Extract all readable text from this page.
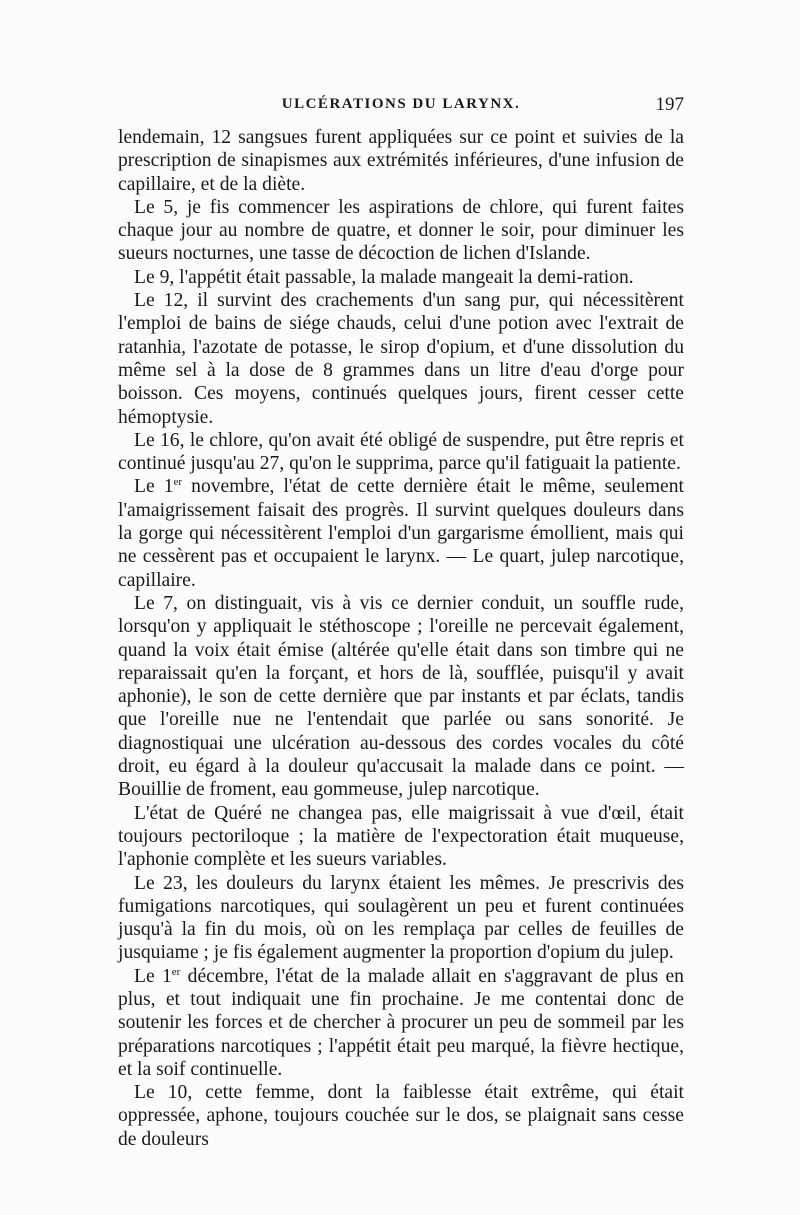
ULCÉRATIONS DU LARYNX.	197

lendemain, 12 sangsues furent appliquées sur ce point et suivies de la prescription de sinapismes aux extrémités inférieures, d'une infusion de capillaire, et de la diète.

Le 5, je fis commencer les aspirations de chlore, qui furent faites chaque jour au nombre de quatre, et donner le soir, pour diminuer les sueurs nocturnes, une tasse de décoction de lichen d'Islande.

Le 9, l'appétit était passable, la malade mangeait la demi-ration.

Le 12, il survint des crachements d'un sang pur, qui nécessitèrent l'emploi de bains de siége chauds, celui d'une potion avec l'extrait de ratanhia, l'azotate de potasse, le sirop d'opium, et d'une dissolution du même sel à la dose de 8 grammes dans un litre d'eau d'orge pour boisson. Ces moyens, continués quelques jours, firent cesser cette hémoptysie.

Le 16, le chlore, qu'on avait été obligé de suspendre, put être repris et continué jusqu'au 27, qu'on le supprima, parce qu'il fatiguait la patiente.

Le 1er novembre, l'état de cette dernière était le même, seulement l'amaigrissement faisait des progrès. Il survint quelques douleurs dans la gorge qui nécessitèrent l'emploi d'un gargarisme émollient, mais qui ne cessèrent pas et occupaient le larynx. — Le quart, julep narcotique, capillaire.

Le 7, on distinguait, vis à vis ce dernier conduit, un souffle rude, lorsqu'on y appliquait le stéthoscope ; l'oreille ne percevait également, quand la voix était émise (altérée qu'elle était dans son timbre qui ne reparaissait qu'en la forçant, et hors de là, soufflée, puisqu'il y avait aphonie), le son de cette dernière que par instants et par éclats, tandis que l'oreille nue ne l'entendait que parlée ou sans sonorité. Je diagnostiquai une ulcération au-dessous des cordes vocales du côté droit, eu égard à la douleur qu'accusait la malade dans ce point. — Bouillie de froment, eau gommeuse, julep narcotique.

L'état de Quéré ne changea pas, elle maigrissait à vue d'œil, était toujours pectoriloque ; la matière de l'expectoration était muqueuse, l'aphonie complète et les sueurs variables.

Le 23, les douleurs du larynx étaient les mêmes. Je prescrivis des fumigations narcotiques, qui soulagèrent un peu et furent continuées jusqu'à la fin du mois, où on les remplaça par celles de feuilles de jusquiame ; je fis également augmenter la proportion d'opium du julep.

Le 1er décembre, l'état de la malade allait en s'aggravant de plus en plus, et tout indiquait une fin prochaine. Je me contentai donc de soutenir les forces et de chercher à procurer un peu de sommeil par les préparations narcotiques ; l'appétit était peu marqué, la fièvre hectique, et la soif continuelle.

Le 10, cette femme, dont la faiblesse était extrême, qui était oppressée, aphone, toujours couchée sur le dos, se plaignait sans cesse de douleurs
